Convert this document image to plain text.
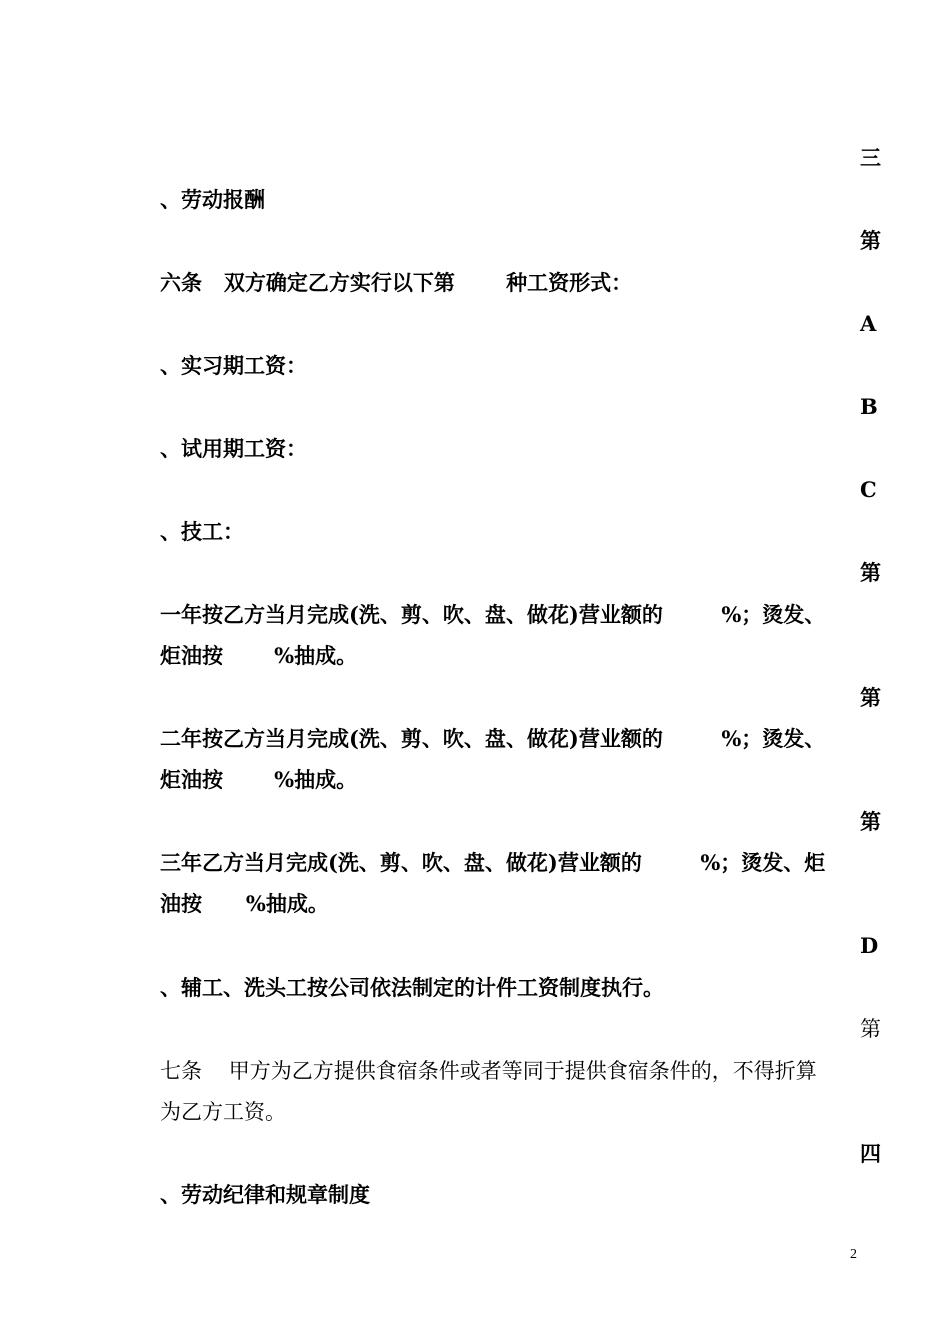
三
、劳动报酬
第
六条   双方确定乙方实行以下第       种工资形式：
A
、实习期工资：
B
、试用期工资：
C
、技工：
第
一年按乙方当月完成(洗、剪、吹、盘、做花)营业额的        %；烫发、
炬油按       %抽成。
第
二年按乙方当月完成(洗、剪、吹、盘、做花)营业额的        %；烫发、
炬油按       %抽成。
第
三年乙方当月完成(洗、剪、吹、盘、做花)营业额的        %；烫发、炬
油按      %抽成。
D
、辅工、洗头工按公司依法制定的计件工资制度执行。
第
七条    甲方为乙方提供食宿条件或者等同于提供食宿条件的，不得折算
为乙方工资。
四
、劳动纪律和规章制度
2
